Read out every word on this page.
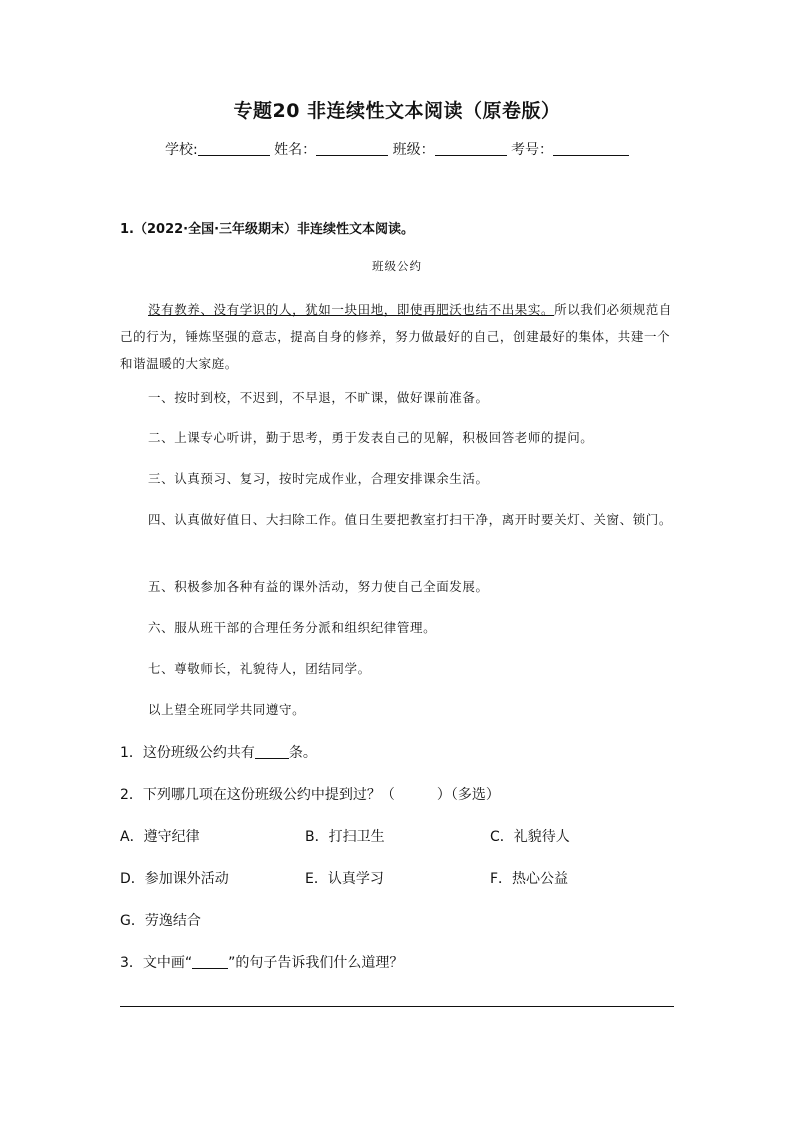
专题20 非连续性文本阅读（原卷版）
学校:	姓名：	班级：	考号：
1.（2022·全国·三年级期末）非连续性文本阅读。
班级公约
没有教养、没有学识的人，犹如一块田地，即使再肥沃也结不出果实。所以我们必须规范自己的行为，锤炼坚强的意志，提高自身的修养，努力做最好的自己，创建最好的集体，共建一个和谐温暖的大家庭。
一、按时到校，不迟到，不早退，不旷课，做好课前准备。
二、上课专心听讲，勤于思考，勇于发表自己的见解，积极回答老师的提问。
三、认真预习、复习，按时完成作业，合理安排课余生活。
四、认真做好值日、大扫除工作。值日生要把教室打扫干净，离开时要关灯、关窗、锁门。
五、积极参加各种有益的课外活动，努力使自己全面发展。
六、服从班干部的合理任务分派和组织纪律管理。
七、尊敬师长，礼貌待人，团结同学。
以上望全班同学共同遵守。
1．这份班级公约共有 条。
2．下列哪几项在这份班级公约中提到过？（　　　）（多选）
A．遵守纪律	B．打扫卫生	C．礼貌待人
D．参加课外活动	E．认真学习	F．热心公益
G．劳逸结合
3．文中画“	”的句子告诉我们什么道理？
